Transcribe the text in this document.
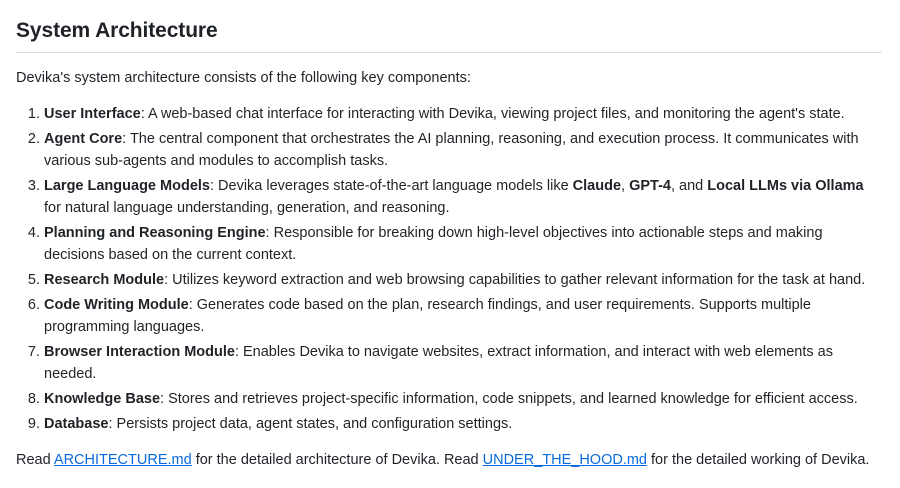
System Architecture

Devika's system architecture consists of the following key components:

1. User Interface: A web-based chat interface for interacting with Devika, viewing project files, and monitoring the agent's state.
2. Agent Core: The central component that orchestrates the AI planning, reasoning, and execution process. It communicates with various sub-agents and modules to accomplish tasks.
3. Large Language Models: Devika leverages state-of-the-art language models like Claude, GPT-4, and Local LLMs via Ollama for natural language understanding, generation, and reasoning.
4. Planning and Reasoning Engine: Responsible for breaking down high-level objectives into actionable steps and making decisions based on the current context.
5. Research Module: Utilizes keyword extraction and web browsing capabilities to gather relevant information for the task at hand.
6. Code Writing Module: Generates code based on the plan, research findings, and user requirements. Supports multiple programming languages.
7. Browser Interaction Module: Enables Devika to navigate websites, extract information, and interact with web elements as needed.
8. Knowledge Base: Stores and retrieves project-specific information, code snippets, and learned knowledge for efficient access.
9. Database: Persists project data, agent states, and configuration settings.

Read ARCHITECTURE.md for the detailed architecture of Devika. Read UNDER_THE_HOOD.md for the detailed working of Devika.
